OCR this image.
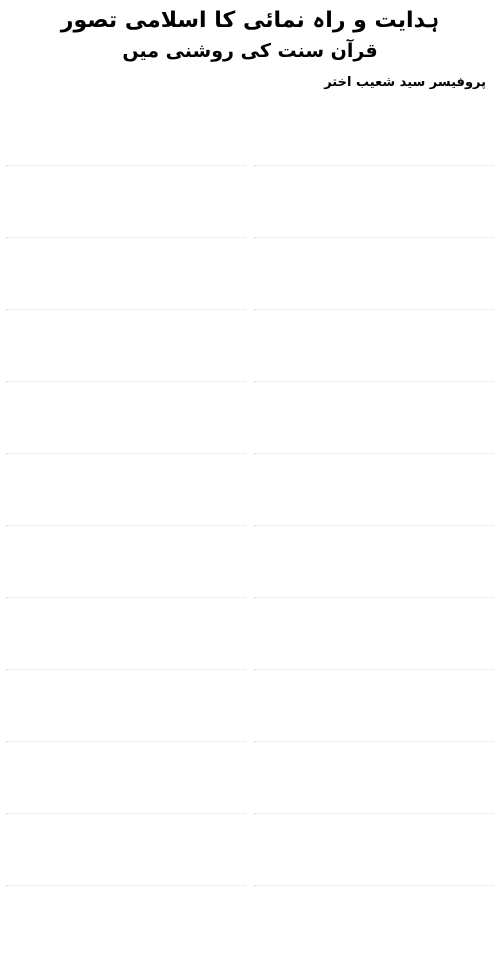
ہدایت و راہ نمائی کا اسلامی تصور
قرآن سنت کی روشنی میں
پروفیسر سید شعیب اختر
